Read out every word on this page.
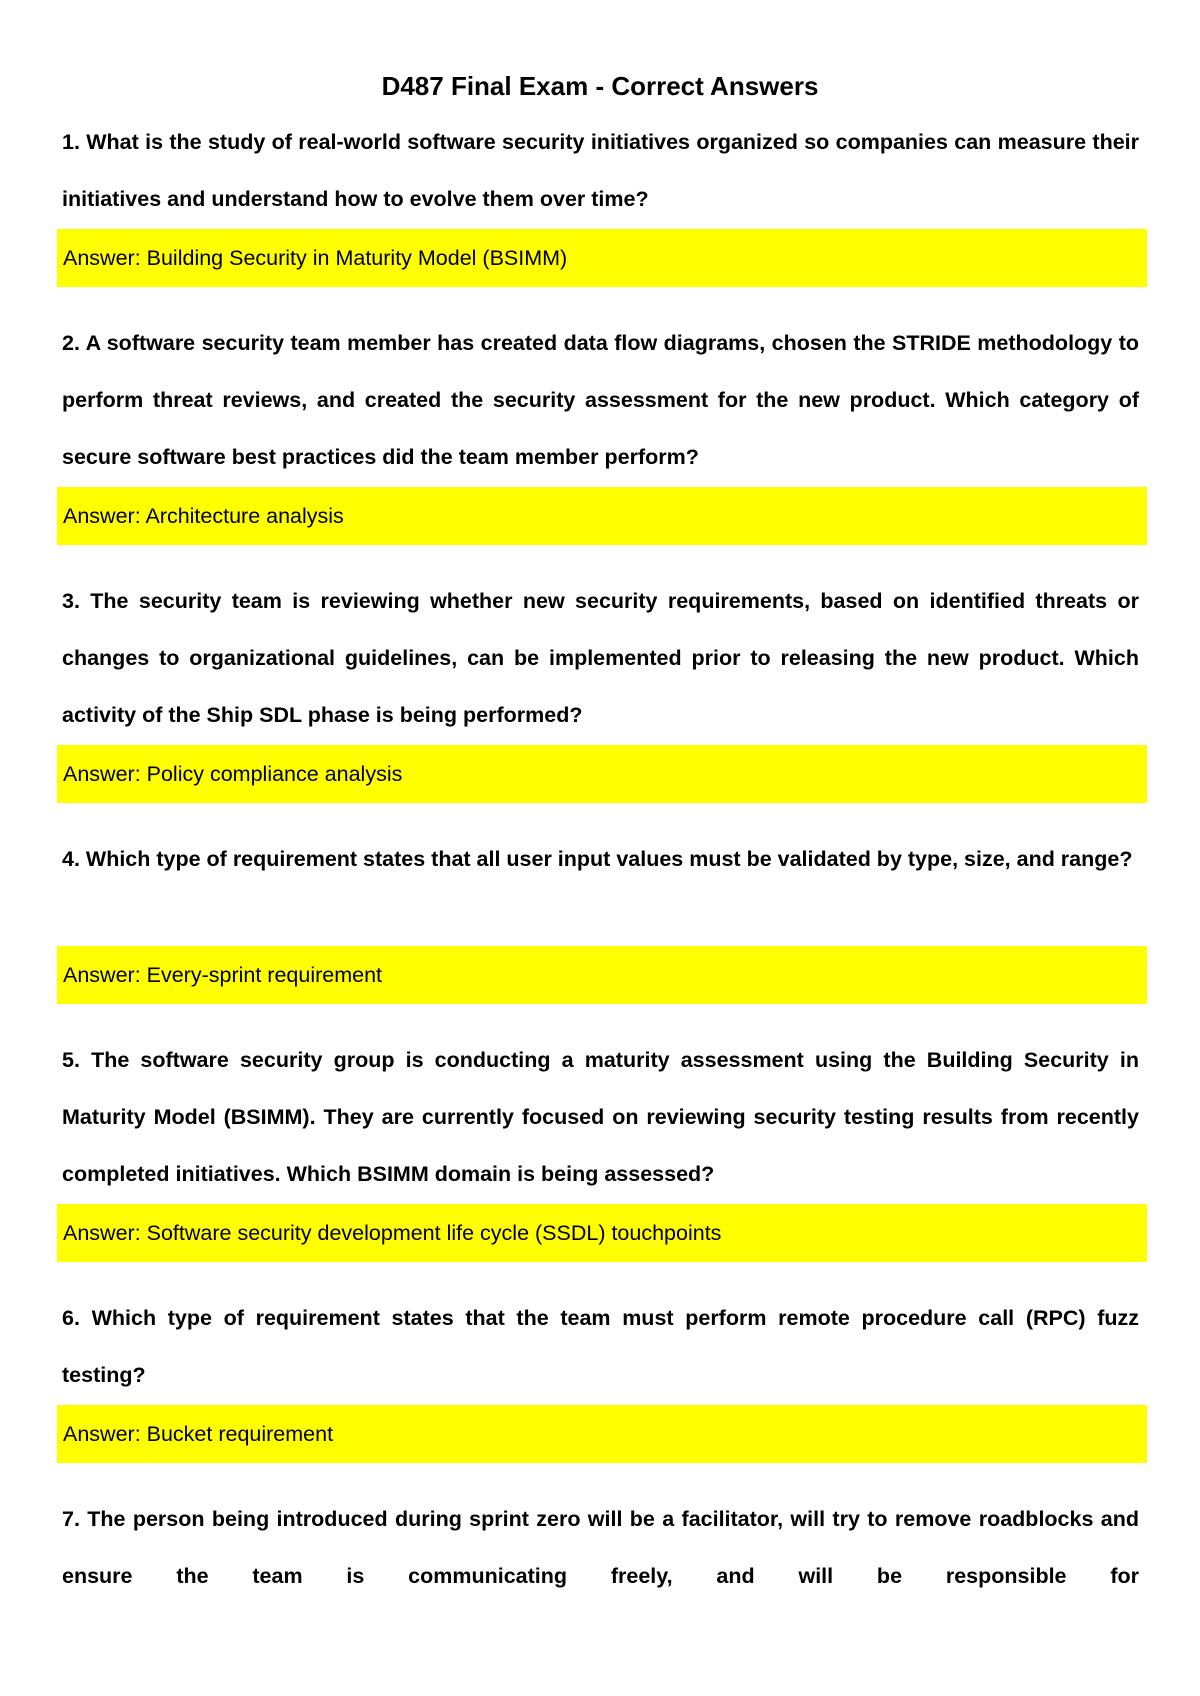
D487 Final Exam - Correct Answers
1. What is the study of real-world software security initiatives organized so companies can measure their initiatives and understand how to evolve them over time?
Answer: Building Security in Maturity Model (BSIMM)
2. A software security team member has created data flow diagrams, chosen the STRIDE methodology to perform threat reviews, and created the security assessment for the new product. Which category of secure software best practices did the team member perform?
Answer: Architecture analysis
3. The security team is reviewing whether new security requirements, based on identified threats or changes to organizational guidelines, can be implemented prior to releasing the new product. Which activity of the Ship SDL phase is being performed?
Answer: Policy compliance analysis
4. Which type of requirement states that all user input values must be validated by type, size, and range?
Answer: Every-sprint requirement
5. The software security group is conducting a maturity assessment using the Building Security in Maturity Model (BSIMM). They are currently focused on reviewing security testing results from recently completed initiatives. Which BSIMM domain is being assessed?
Answer: Software security development life cycle (SSDL) touchpoints
6. Which type of requirement states that the team must perform remote procedure call (RPC) fuzz testing?
Answer: Bucket requirement
7. The person being introduced during sprint zero will be a facilitator, will try to remove roadblocks and ensure the team is communicating freely, and will be responsible for
